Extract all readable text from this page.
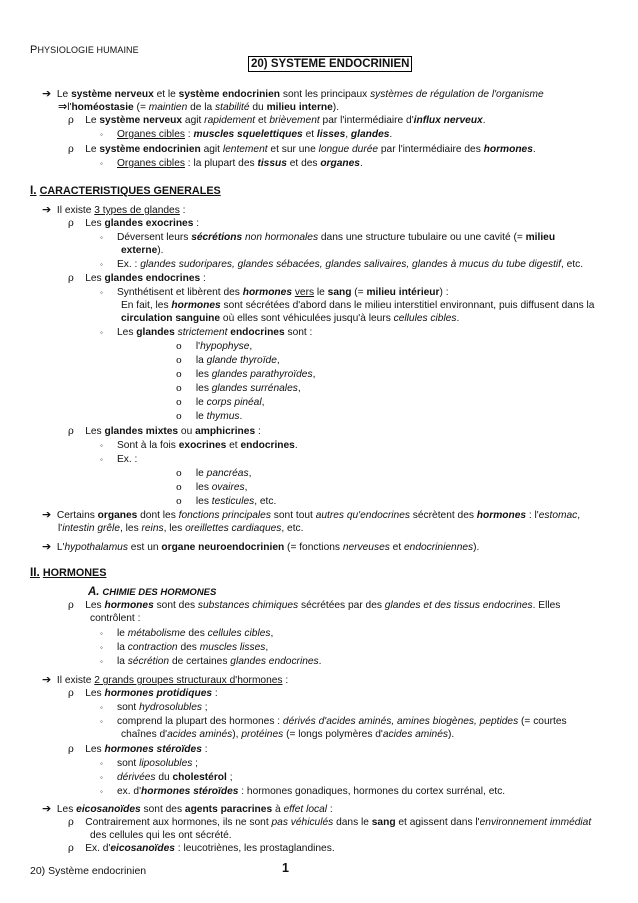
PHYSIOLOGIE HUMAINE
20) SYSTEME ENDOCRINIEN
➔ Le système nerveux et le système endocrinien sont les principaux systèmes de régulation de l'organisme
⇒l'homéostasie (= maintien de la stabilité du milieu interne).
ρ Le système nerveux agit rapidement et brièvement par l'intermédiaire d'influx nerveux.
◦ Organes cibles : muscles squelettiques et lisses, glandes.
ρ Le système endocrinien agit lentement et sur une longue durée par l'intermédiaire des hormones.
◦ Organes cibles : la plupart des tissus et des organes.
I. CARACTERISTIQUES GENERALES
➔ Il existe 3 types de glandes :
ρ Les glandes exocrines :
◦ Déversent leurs sécrétions non hormonales dans une structure tubulaire ou une cavité (= milieu
externe).
◦ Ex. : glandes sudoripares, glandes sébacées, glandes salivaires, glandes à mucus du tube digestif, etc.
ρ Les glandes endocrines :
◦ Synthétisent et libèrent des hormones vers le sang (= milieu intérieur) :
En fait, les hormones sont sécrétées d'abord dans le milieu interstitiel environnant, puis diffusent dans la
circulation sanguine où elles sont véhiculées jusqu'à leurs cellules cibles.
◦ Les glandes strictement endocrines sont :
o l'hypophyse,
o la glande thyroïde,
o les glandes parathyroïdes,
o les glandes surrénales,
o le corps pinéal,
o le thymus.
ρ Les glandes mixtes ou amphicrines :
◦ Sont à la fois exocrines et endocrines.
◦ Ex. :
o le pancréas,
o les ovaires,
o les testicules, etc.
➔ Certains organes dont les fonctions principales sont tout autres qu'endocrines sécrètent des hormones : l'estomac,
l'intestin grêle, les reins, les oreillettes cardiaques, etc.
➔ L'hypothalamus est un organe neuroendocrinien (= fonctions nerveuses et endocriniennes).
II. HORMONES
A. CHIMIE DES HORMONES
ρ Les hormones sont des substances chimiques sécrétées par des glandes et des tissus endocrines. Elles
contrôlent :
◦ le métabolisme des cellules cibles,
◦ la contraction des muscles lisses,
◦ la sécrétion de certaines glandes endocrines.
➔ Il existe 2 grands groupes structuraux d'hormones :
ρ Les hormones protidiques :
◦ sont hydrosolubles ;
◦ comprend la plupart des hormones : dérivés d'acides aminés, amines biogènes, peptides (= courtes
chaînes d'acides aminés), protéines (= longs polymères d'acides aminés).
ρ Les hormones stéroïdes :
◦ sont liposolubles ;
◦ dérivées du cholestérol ;
◦ ex. d'hormones stéroïdes : hormones gonadiques, hormones du cortex surrénal, etc.
➔ Les eicosanoïdes sont des agents paracrines à effet local :
ρ Contrairement aux hormones, ils ne sont pas véhiculés dans le sang et agissent dans l'environnement immédiat
des cellules qui les ont sécrété.
ρ Ex. d'eicosanoïdes : leucotriènes, les prostaglandines.
20) Système endocrinien	1
